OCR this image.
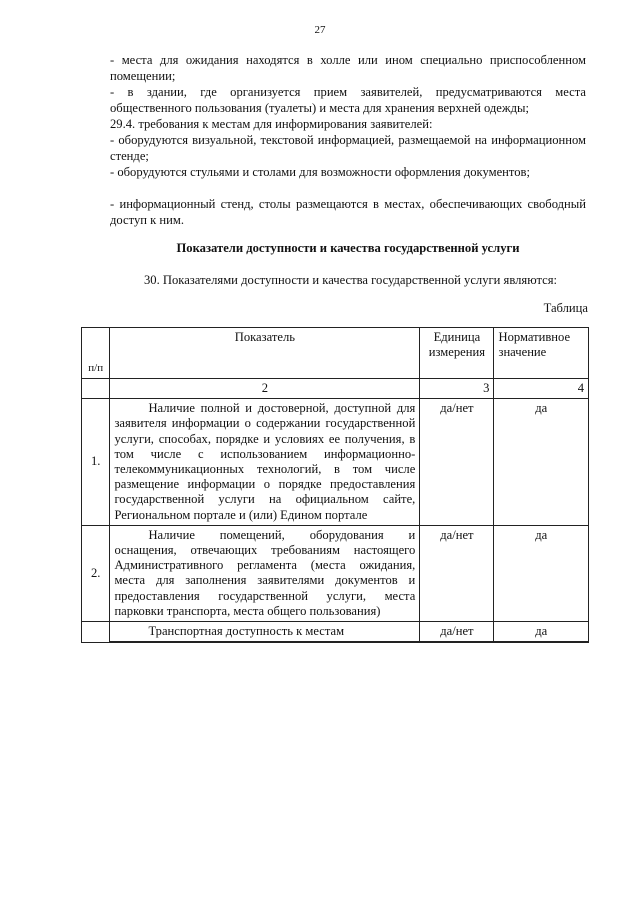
27
- места для ожидания находятся в холле или ином специально приспособленном помещении;
- в здании, где организуется прием заявителей, предусматриваются места общественного пользования (туалеты) и места для хранения верхней одежды;
29.4. требования к местам для информирования заявителей:
- оборудуются визуальной, текстовой информацией, размещаемой на информационном стенде;
- оборудуются стульями и столами для возможности оформления документов;
- информационный стенд, столы размещаются в местах, обеспечивающих свободный доступ к ним.
Показатели доступности и качества государственной услуги
30. Показателями доступности и качества государственной услуги являются:
Таблица
п/п	Показатель	Единица измерения	Нормативное значение
	2	3	4
1.	Наличие полной и достоверной, доступной для заявителя информации о содержании государственной услуги, способах, порядке и условиях ее получения, в том числе с использованием информационно-телекоммуникационных технологий, в том числе размещение информации о порядке предоставления государственной услуги на официальном сайте, Региональном портале и (или) Едином портале	да/нет	да
2.	Наличие помещений, оборудования и оснащения, отвечающих требованиям настоящего Административного регламента (места ожидания, места для заполнения заявителями документов и предоставления государственной услуги, места парковки транспорта, места общего пользования)	да/нет	да
	Транспортная доступность к местам	да/нет	да
